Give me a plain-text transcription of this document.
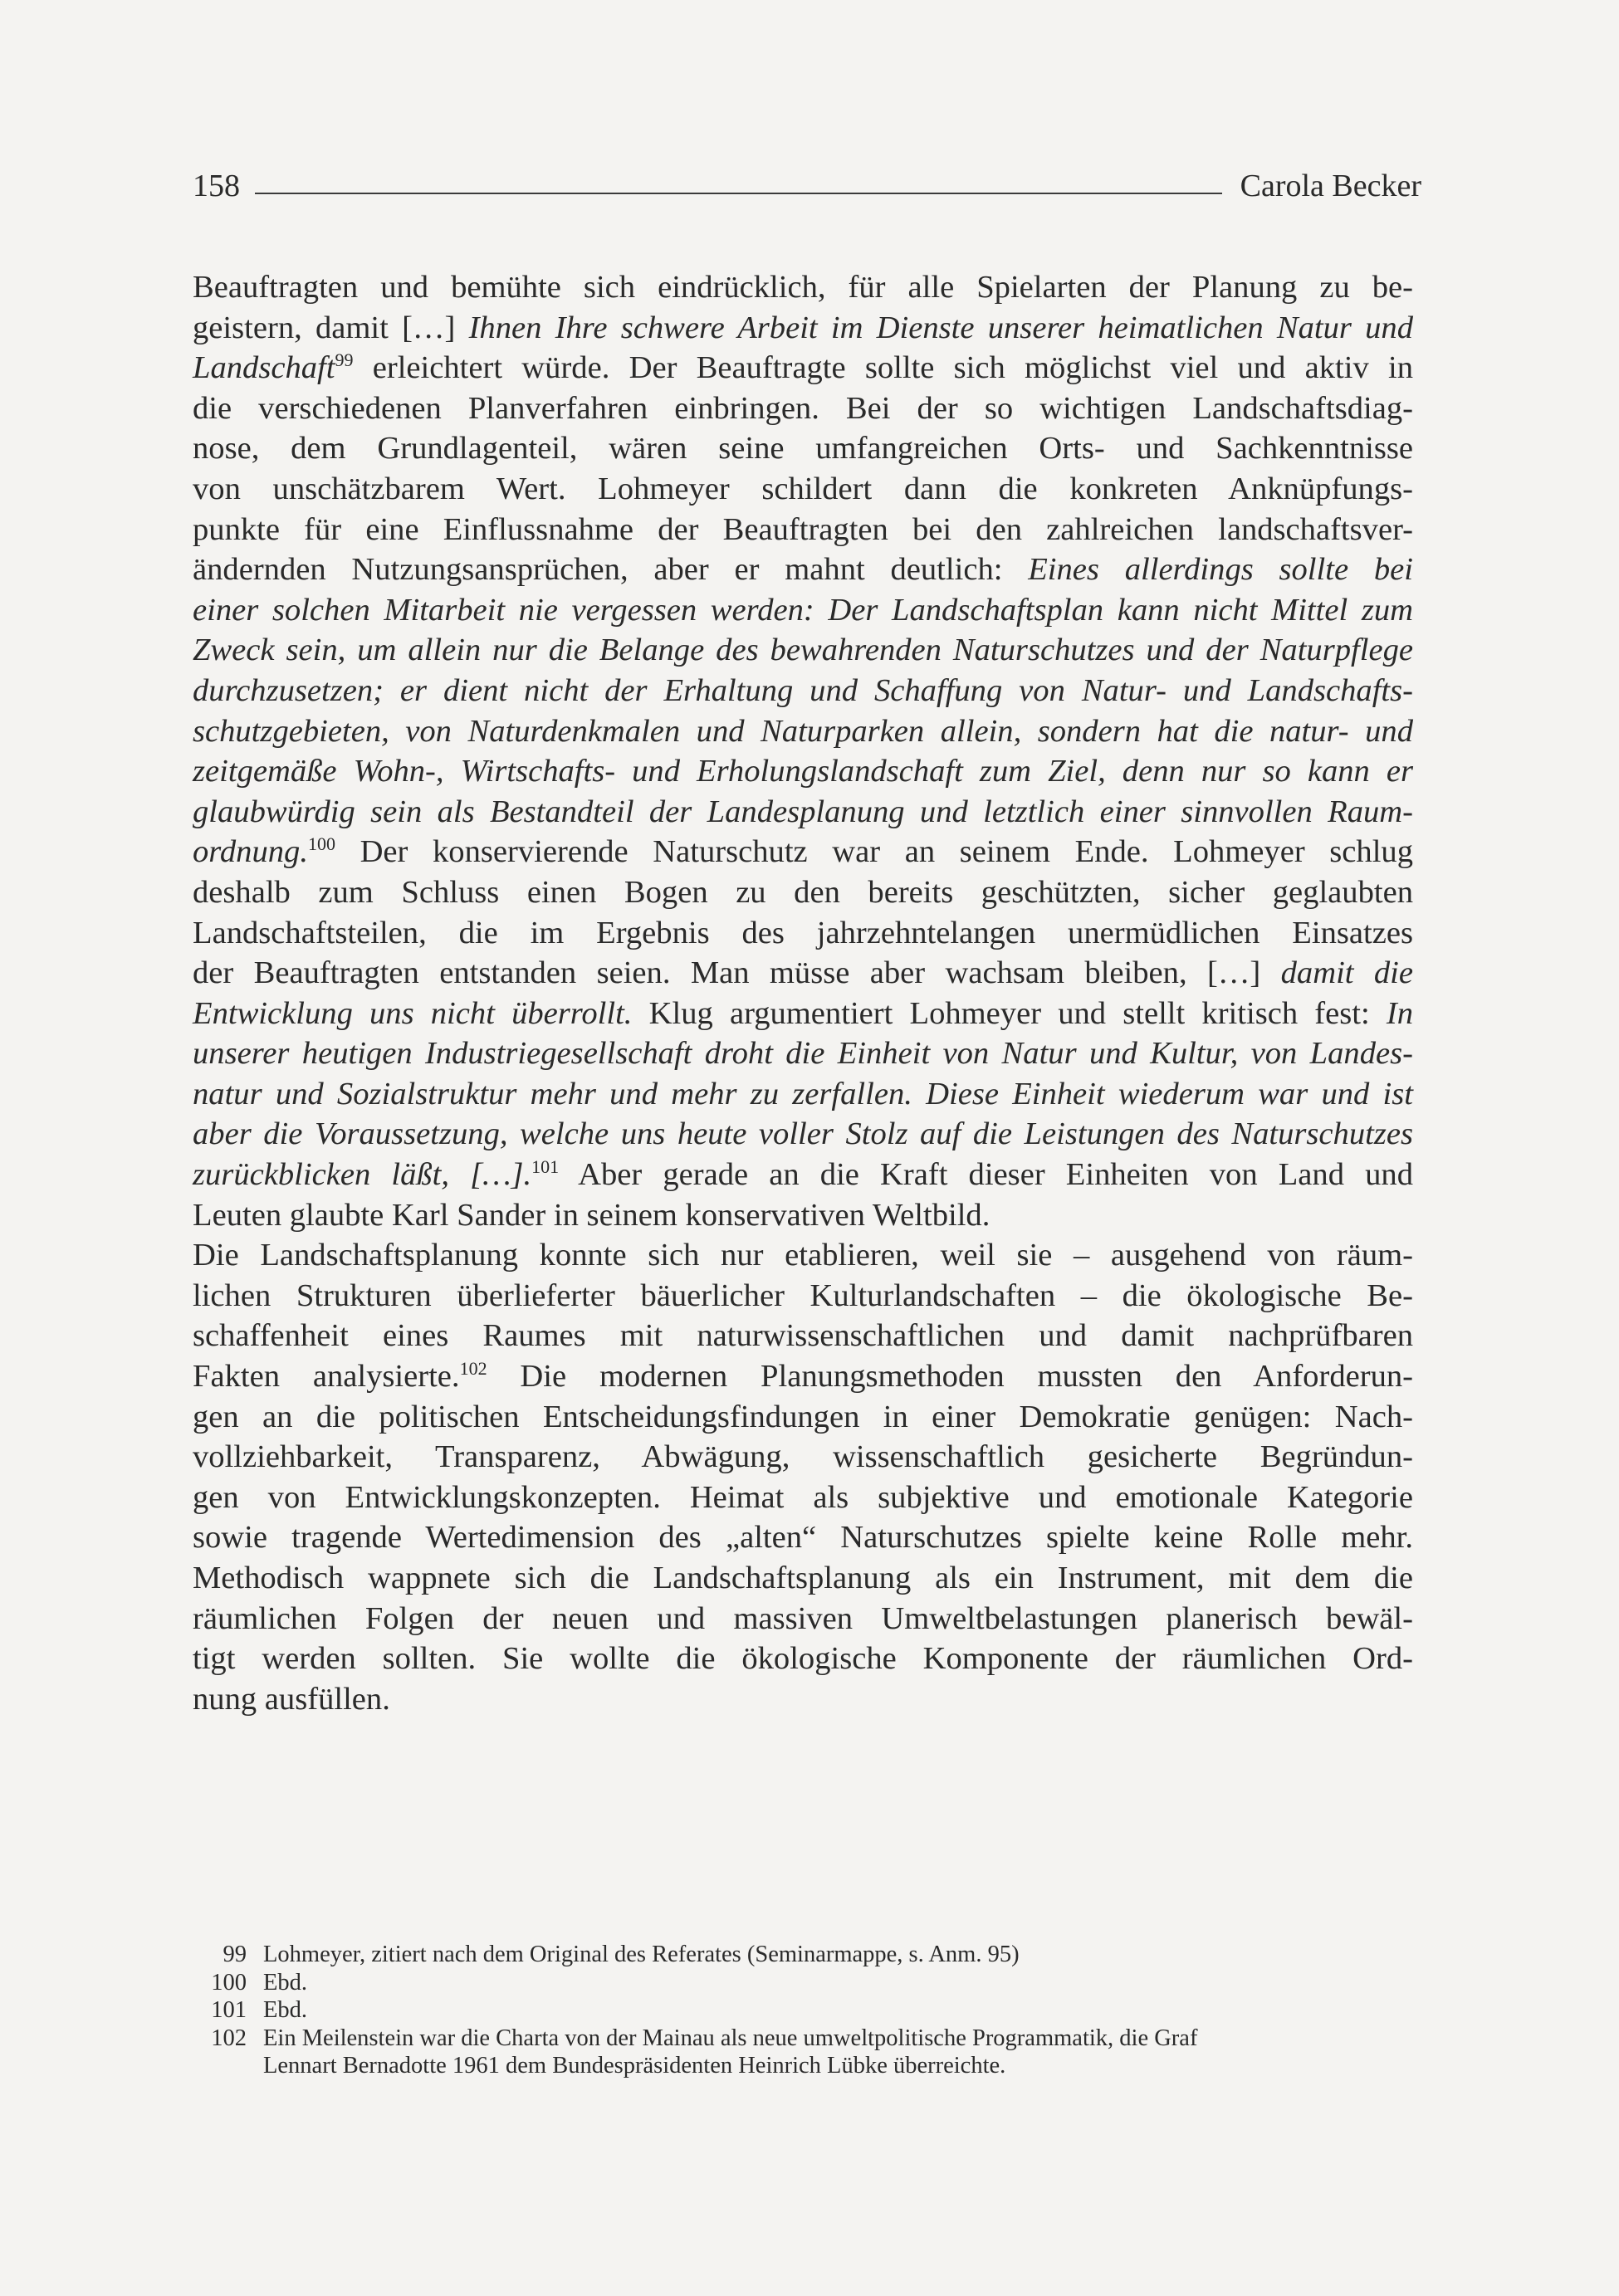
158	Carola Becker
Beauftragten und bemühte sich eindrücklich, für alle Spielarten der Planung zu be-
geistern, damit […] Ihnen Ihre schwere Arbeit im Dienste unserer heimatlichen Natur und
Landschaft$^{99}$ erleichtert würde. Der Beauftragte sollte sich möglichst viel und aktiv in
die verschiedenen Planverfahren einbringen. Bei der so wichtigen Landschaftsdiag-
nose, dem Grundlagenteil, wären seine umfangreichen Orts- und Sachkenntnisse
von unschätzbarem Wert. Lohmeyer schildert dann die konkreten Anknüpfungs-
punkte für eine Einflussnahme der Beauftragten bei den zahlreichen landschaftsver-
ändernden Nutzungsansprüchen, aber er mahnt deutlich: Eines allerdings sollte bei
einer solchen Mitarbeit nie vergessen werden: Der Landschaftsplan kann nicht Mittel zum
Zweck sein, um allein nur die Belange des bewahrenden Naturschutzes und der Naturpflege
durchzusetzen; er dient nicht der Erhaltung und Schaffung von Natur- und Landschafts-
schutzgebieten, von Naturdenkmalen und Naturparken allein, sondern hat die natur- und
zeitgemäße Wohn-, Wirtschafts- und Erholungslandschaft zum Ziel, denn nur so kann er
glaubwürdig sein als Bestandteil der Landesplanung und letztlich einer sinnvollen Raum-
ordnung.$^{100}$ Der konservierende Naturschutz war an seinem Ende. Lohmeyer schlug
deshalb zum Schluss einen Bogen zu den bereits geschützten, sicher geglaubten
Landschaftsteilen, die im Ergebnis des jahrzehntelangen unermüdlichen Einsatzes
der Beauftragten entstanden seien. Man müsse aber wachsam bleiben, […] damit die
Entwicklung uns nicht überrollt. Klug argumentiert Lohmeyer und stellt kritisch fest: In
unserer heutigen Industriegesellschaft droht die Einheit von Natur und Kultur, von Landes-
natur und Sozialstruktur mehr und mehr zu zerfallen. Diese Einheit wiederum war und ist
aber die Voraussetzung, welche uns heute voller Stolz auf die Leistungen des Naturschutzes
zurückblicken läßt, […].$^{101}$ Aber gerade an die Kraft dieser Einheiten von Land und
Leuten glaubte Karl Sander in seinem konservativen Weltbild.
Die Landschaftsplanung konnte sich nur etablieren, weil sie – ausgehend von räum-
lichen Strukturen überlieferter bäuerlicher Kulturlandschaften – die ökologische Be-
schaffenheit eines Raumes mit naturwissenschaftlichen und damit nachprüfbaren
Fakten analysierte.$^{102}$ Die modernen Planungsmethoden mussten den Anforderun-
gen an die politischen Entscheidungsfindungen in einer Demokratie genügen: Nach-
vollziehbarkeit, Transparenz, Abwägung, wissenschaftlich gesicherte Begründun-
gen von Entwicklungskonzepten. Heimat als subjektive und emotionale Kategorie
sowie tragende Wertedimension des „alten“ Naturschutzes spielte keine Rolle mehr.
Methodisch wappnete sich die Landschaftsplanung als ein Instrument, mit dem die
räumlichen Folgen der neuen und massiven Umweltbelastungen planerisch bewäl-
tigt werden sollten. Sie wollte die ökologische Komponente der räumlichen Ord-
nung ausfüllen.
99 Lohmeyer, zitiert nach dem Original des Referates (Seminarmappe, s. Anm. 95)
100 Ebd.
101 Ebd.
102 Ein Meilenstein war die Charta von der Mainau als neue umweltpolitische Programmatik, die Graf
Lennart Bernadotte 1961 dem Bundespräsidenten Heinrich Lübke überreichte.
